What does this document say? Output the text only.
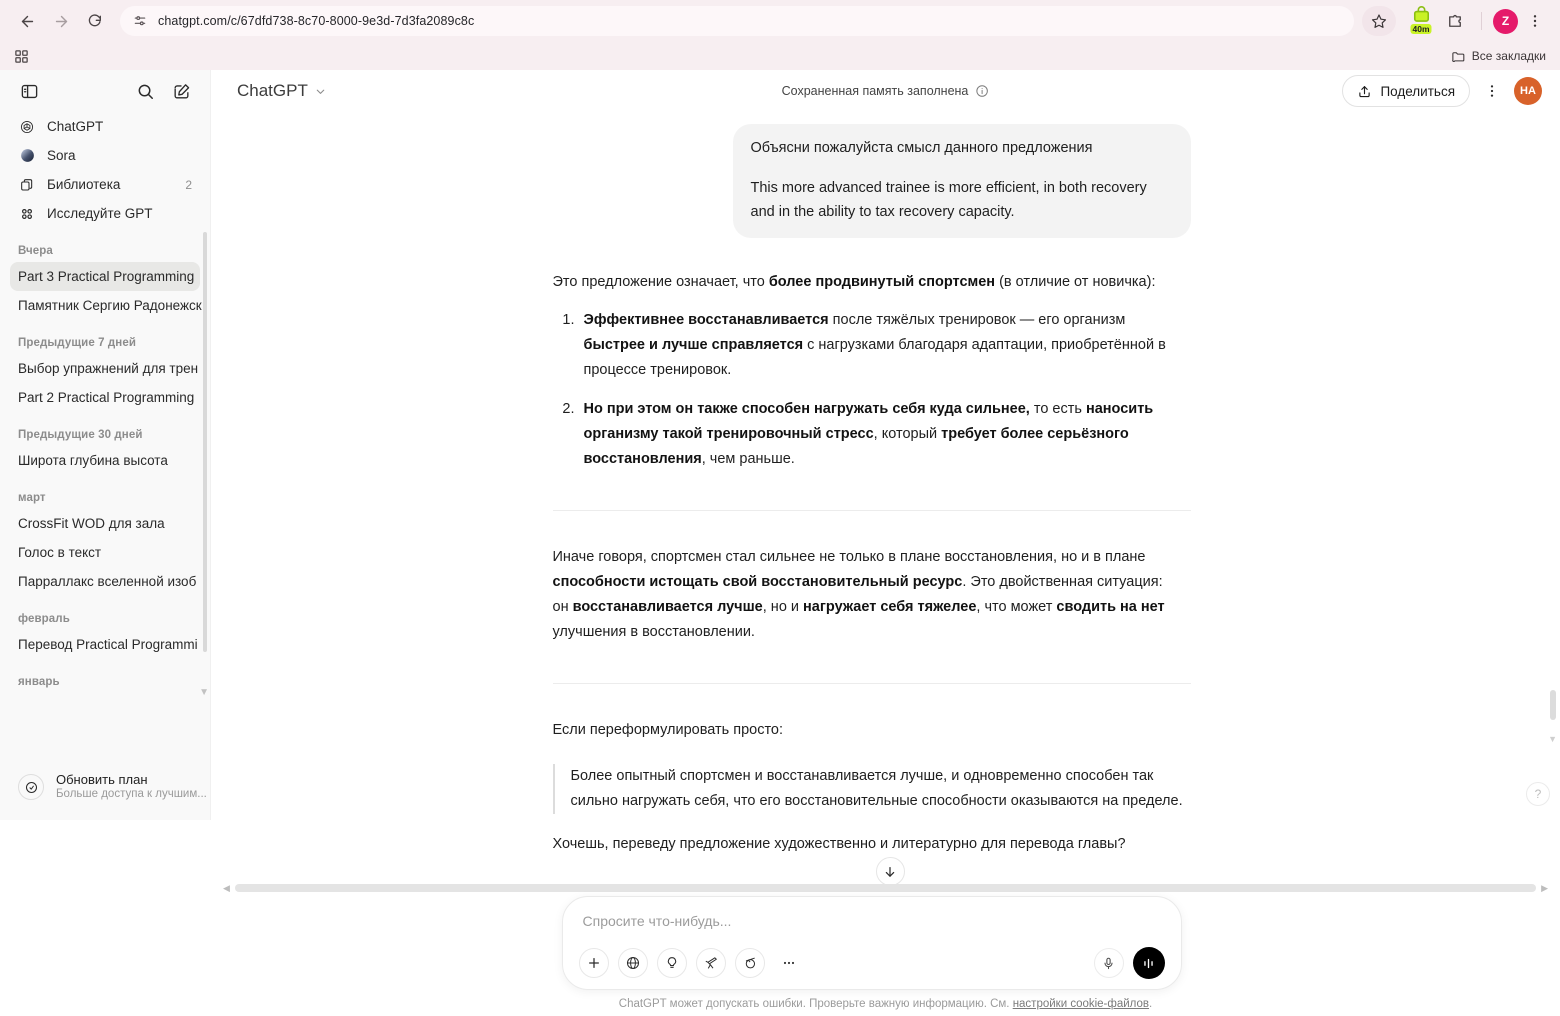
chatgpt.com/c/67dfd738-8c70-8000-9e3d-7d3fa2089c8c
40m
Z
Все закладки
ChatGPT
Sora
Библиотека	2
Исследуйте GPT
Вчера
Part 3 Practical Programming
Памятник Сергию Радонежск
Предыдущие 7 дней
Выбор упражнений для трен
Part 2 Practical Programming
Предыдущие 30 дней
Широта глубина высота
март
CrossFit WOD для зала
Голос в текст
Парраллакс вселенной изоб
февраль
Перевод Practical Programmi
январь
▼
Обновить план
Больше доступа к лучшим...
ChatGPT	Сохраненная память заполнена	Поделиться	НА

Объясни пожалуйста смысл данного предложения

This more advanced trainee is more efficient, in both recovery and in the ability to tax recovery capacity.

Это предложение означает, что более продвинутый спортсмен (в отличие от новичка):

1. Эффективнее восстанавливается после тяжёлых тренировок — его организм быстрее и лучше справляется с нагрузками благодаря адаптации, приобретённой в процессе тренировок.
2. Но при этом он также способен нагружать себя куда сильнее, то есть наносить организму такой тренировочный стресс, который требует более серьёзного восстановления, чем раньше.

Иначе говоря, спортсмен стал сильнее не только в плане восстановления, но и в плане способности истощать свой восстановительный ресурс. Это двойственная ситуация:
он восстанавливается лучше, но и нагружает себя тяжелее, что может сводить на нет улучшения в восстановлении.

Если переформулировать просто:

Более опытный спортсмен и восстанавливается лучше, и одновременно способен так сильно нагружать себя, что его восстановительные способности оказываются на пределе.

Хочешь, переведу предложение художественно и литературно для перевода главы?

◀	▶
Спросите что-нибудь...
ChatGPT может допускать ошибки. Проверьте важную информацию. См. настройки cookie-файлов.
▼
?
